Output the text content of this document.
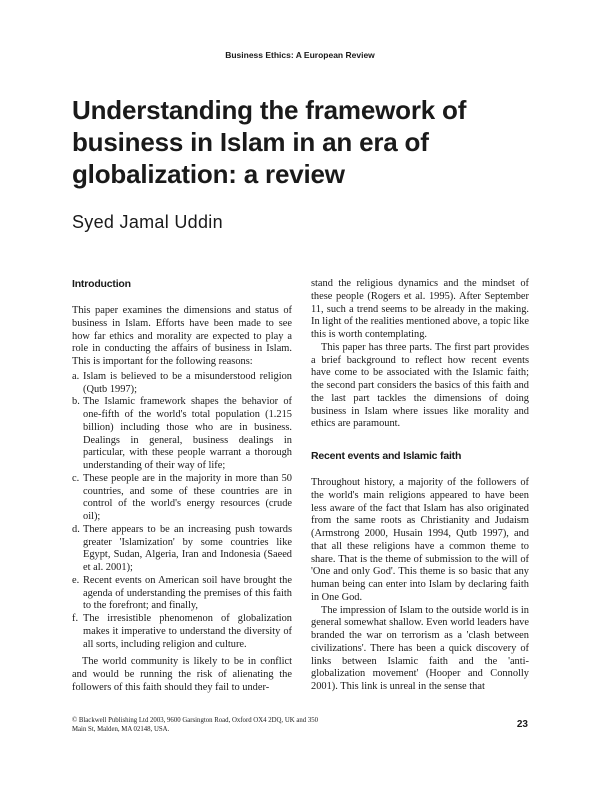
Business Ethics: A European Review
Understanding the framework of business in Islam in an era of globalization: a review
Syed Jamal Uddin
Introduction

This paper examines the dimensions and status of business in Islam. Efforts have been made to see how far ethics and morality are expected to play a role in conducting the affairs of business in Islam. This is important for the following reasons:

a. Islam is believed to be a misunderstood religion (Qutb 1997);
b. The Islamic framework shapes the behavior of one-fifth of the world's total population (1.215 billion) including those who are in business. Dealings in general, business dealings in particular, with these people warrant a thorough understanding of their way of life;
c. These people are in the majority in more than 50 countries, and some of these countries are in control of the world's energy resources (crude oil);
d. There appears to be an increasing push towards greater 'Islamization' by some countries like Egypt, Sudan, Algeria, Iran and Indonesia (Saeed et al. 2001);
e. Recent events on American soil have brought the agenda of understanding the premises of this faith to the forefront; and finally,
f. The irresistible phenomenon of globalization makes it imperative to understand the diversity of all sorts, including religion and culture.

The world community is likely to be in conflict and would be running the risk of alienating the followers of this faith should they fail to under-

stand the religious dynamics and the mindset of these people (Rogers et al. 1995). After September 11, such a trend seems to be already in the making. In light of the realities mentioned above, a topic like this is worth contemplating.

This paper has three parts. The first part provides a brief background to reflect how recent events have come to be associated with the Islamic faith; the second part considers the basics of this faith and the last part tackles the dimensions of doing business in Islam where issues like morality and ethics are paramount.

Recent events and Islamic faith

Throughout history, a majority of the followers of the world's main religions appeared to have been less aware of the fact that Islam has also originated from the same roots as Christianity and Judaism (Armstrong 2000, Husain 1994, Qutb 1997), and that all these religions have a common theme to share. That is the theme of submission to the will of 'One and only God'. This theme is so basic that any human being can enter into Islam by declaring faith in One God.

The impression of Islam to the outside world is in general somewhat shallow. Even world leaders have branded the war on terrorism as a 'clash between civilizations'. There has been a quick discovery of links between Islamic faith and the 'anti-globalization movement' (Hooper and Connolly 2001). This link is unreal in the sense that

© Blackwell Publishing Ltd 2003, 9600 Garsington Road, Oxford OX4 2DQ, UK and 350 Main St, Malden, MA 02148, USA.	23
